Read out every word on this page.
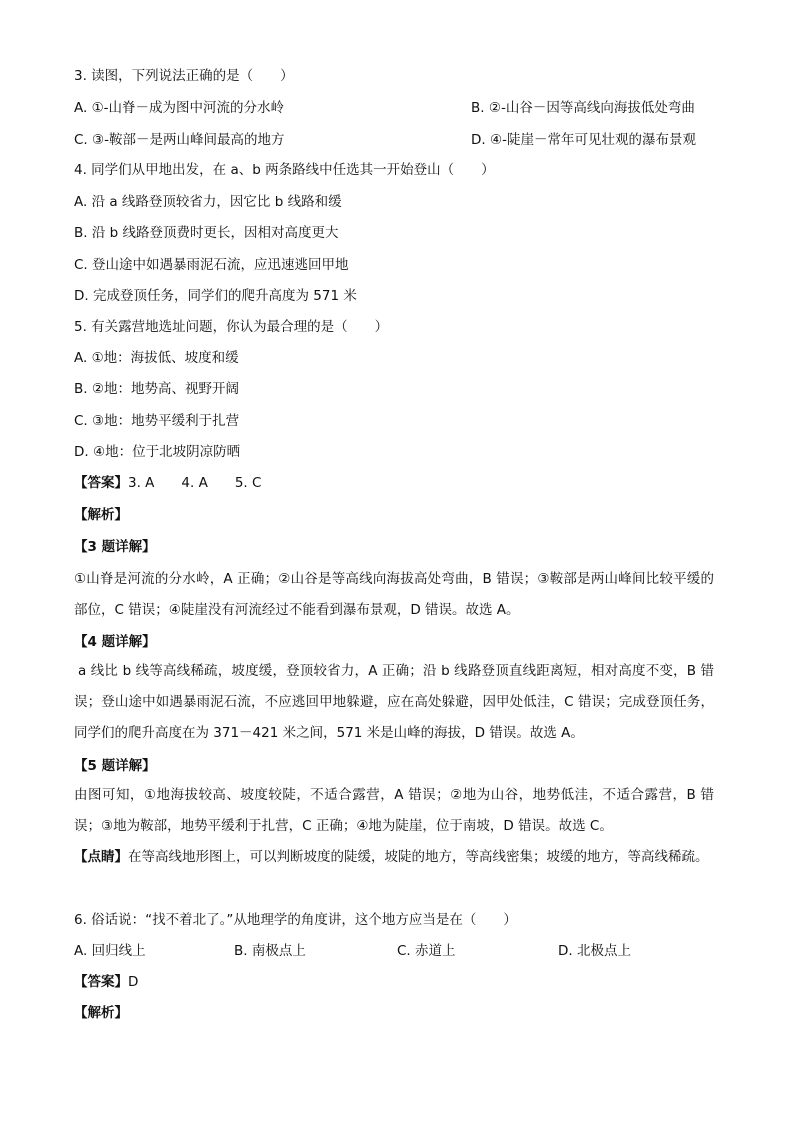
3. 读图，下列说法正确的是（　　）
A. ①-山脊－成为图中河流的分水岭	B. ②-山谷－因等高线向海拔低处弯曲
C. ③-鞍部－是两山峰间最高的地方	D. ④-陡崖－常年可见壮观的瀑布景观
4. 同学们从甲地出发，在 a、b 两条路线中任选其一开始登山（　　）
A. 沿 a 线路登顶较省力，因它比 b 线路和缓
B. 沿 b 线路登顶费时更长，因相对高度更大
C. 登山途中如遇暴雨泥石流，应迅速逃回甲地
D. 完成登顶任务，同学们的爬升高度为 571 米
5. 有关露营地选址问题，你认为最合理的是（　　）
A. ①地：海拔低、坡度和缓
B. ②地：地势高、视野开阔
C. ③地：地势平缓利于扎营
D. ④地：位于北坡阴凉防晒
【答案】3. A　　4. A　　5. C
【解析】
【3 题详解】
①山脊是河流的分水岭，A 正确；②山谷是等高线向海拔高处弯曲，B 错误；③鞍部是两山峰间比较平缓的部位，C 错误；④陡崖没有河流经过不能看到瀑布景观，D 错误。故选 A。
【4 题详解】
a 线比 b 线等高线稀疏，坡度缓，登顶较省力，A 正确；沿 b 线路登顶直线距离短，相对高度不变，B 错误；登山途中如遇暴雨泥石流，不应逃回甲地躲避，应在高处躲避，因甲处低洼，C 错误；完成登顶任务，同学们的爬升高度在为 371－421 米之间，571 米是山峰的海拔，D 错误。故选 A。
【5 题详解】
由图可知，①地海拔较高、坡度较陡，不适合露营，A 错误；②地为山谷，地势低洼，不适合露营，B 错误；③地为鞍部，地势平缓利于扎营，C 正确；④地为陡崖，位于南坡，D 错误。故选 C。
【点睛】在等高线地形图上，可以判断坡度的陡缓，坡陡的地方，等高线密集；坡缓的地方，等高线稀疏。
6. 俗话说：“找不着北了。”从地理学的角度讲，这个地方应当是在（　　）
A. 回归线上	B. 南极点上	C. 赤道上	D. 北极点上
【答案】D
【解析】
